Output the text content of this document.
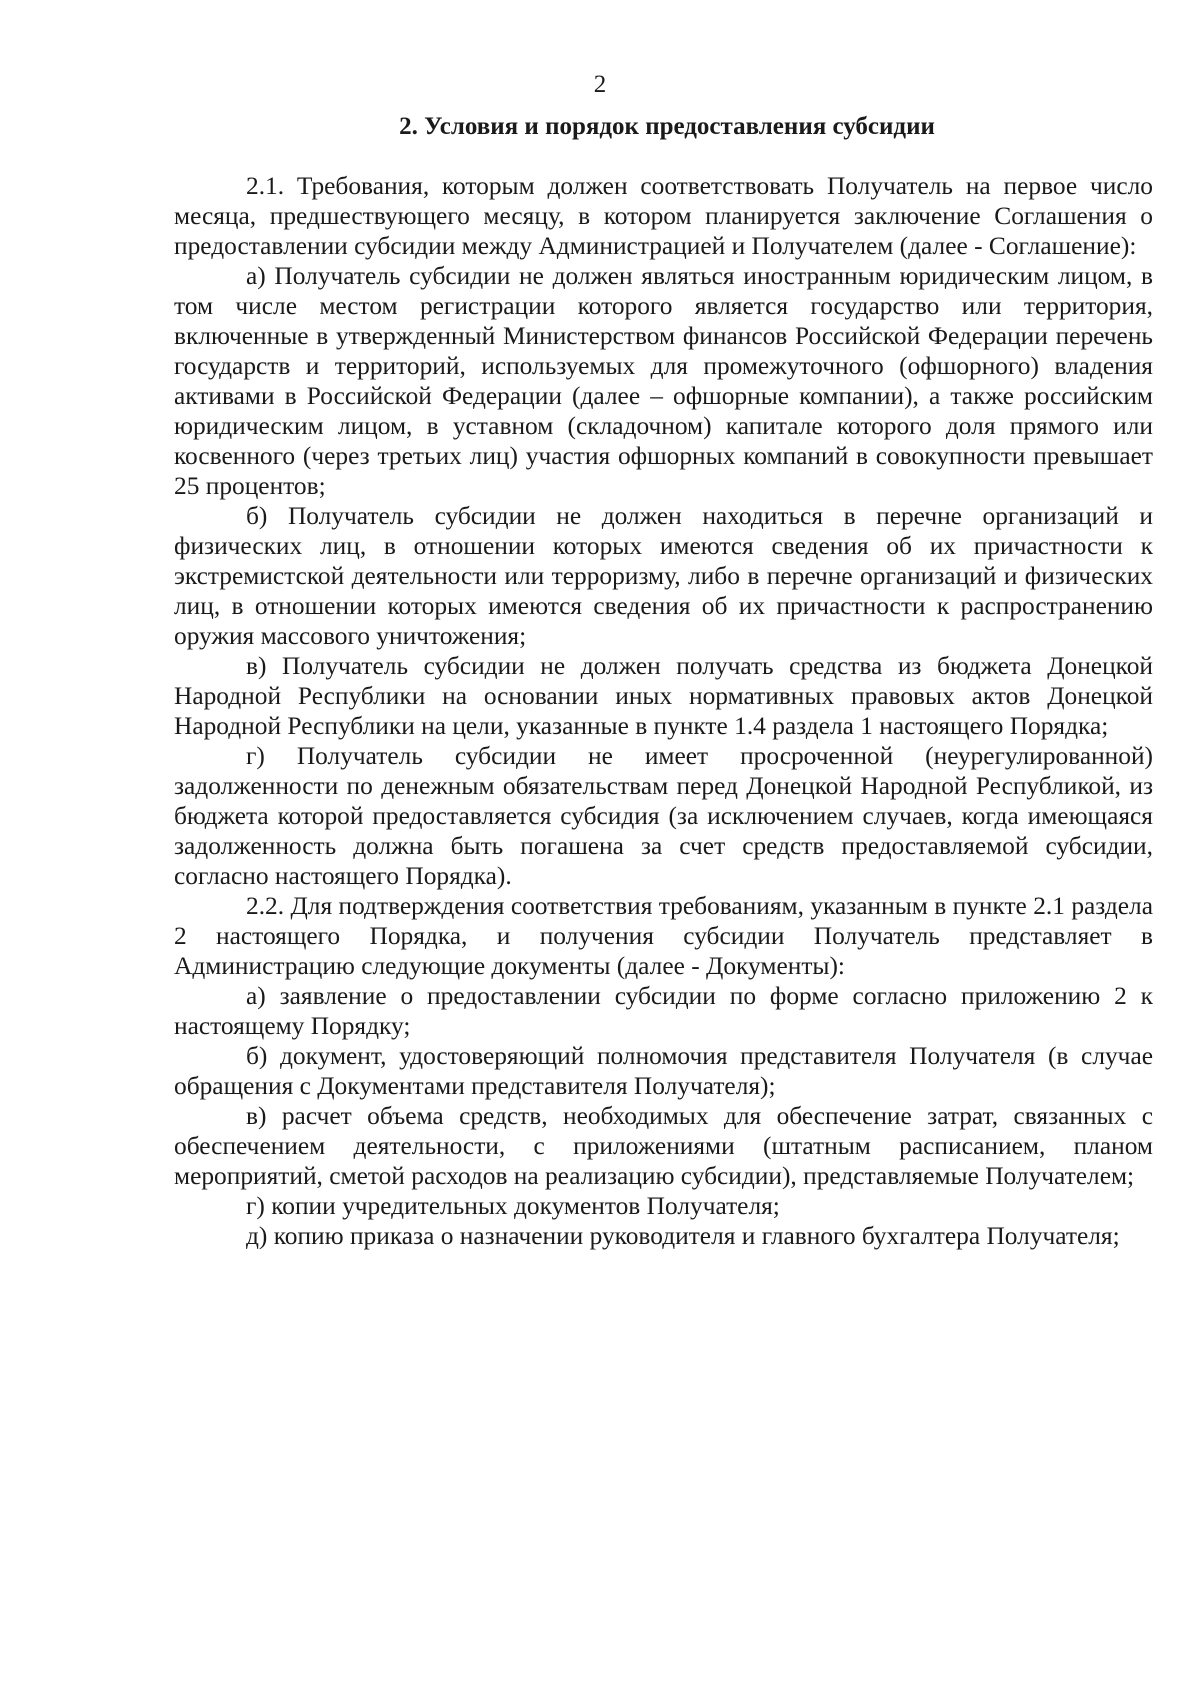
2
2. Условия и порядок предоставления субсидии

2.1. Требования, которым должен соответствовать Получатель на первое число месяца, предшествующего месяцу, в котором планируется заключение Соглашения о предоставлении субсидии между Администрацией и Получателем (далее - Соглашение):

а) Получатель субсидии не должен являться иностранным юридическим лицом, в том числе местом регистрации которого является государство или территория, включенные в утвержденный Министерством финансов Российской Федерации перечень государств и территорий, используемых для промежуточного (офшорного) владения активами в Российской Федерации (далее – офшорные компании), а также российским юридическим лицом, в уставном (складочном) капитале которого доля прямого или косвенного (через третьих лиц) участия офшорных компаний в совокупности превышает 25 процентов;

б) Получатель субсидии не должен находиться в перечне организаций и физических лиц, в отношении которых имеются сведения об их причастности к экстремистской деятельности или терроризму, либо в перечне организаций и физических лиц, в отношении которых имеются сведения об их причастности к распространению оружия массового уничтожения;

в) Получатель субсидии не должен получать средства из бюджета Донецкой Народной Республики на основании иных нормативных правовых актов Донецкой Народной Республики на цели, указанные в пункте 1.4 раздела 1 настоящего Порядка;

г) Получатель субсидии не имеет просроченной (неурегулированной) задолженности по денежным обязательствам перед Донецкой Народной Республикой, из бюджета которой предоставляется субсидия (за исключением случаев, когда имеющаяся задолженность должна быть погашена за счет средств предоставляемой субсидии, согласно настоящего Порядка).

2.2. Для подтверждения соответствия требованиям, указанным в пункте 2.1 раздела 2 настоящего Порядка, и получения субсидии Получатель представляет в Администрацию следующие документы (далее - Документы):

а) заявление о предоставлении субсидии по форме согласно приложению 2 к настоящему Порядку;

б) документ, удостоверяющий полномочия представителя Получателя (в случае обращения с Документами представителя Получателя);

в) расчет объема средств, необходимых для обеспечение затрат, связанных с обеспечением деятельности, с приложениями (штатным расписанием, планом мероприятий, сметой расходов на реализацию субсидии), представляемые Получателем;

г) копии учредительных документов Получателя;

д) копию приказа о назначении руководителя и главного бухгалтера Получателя;
